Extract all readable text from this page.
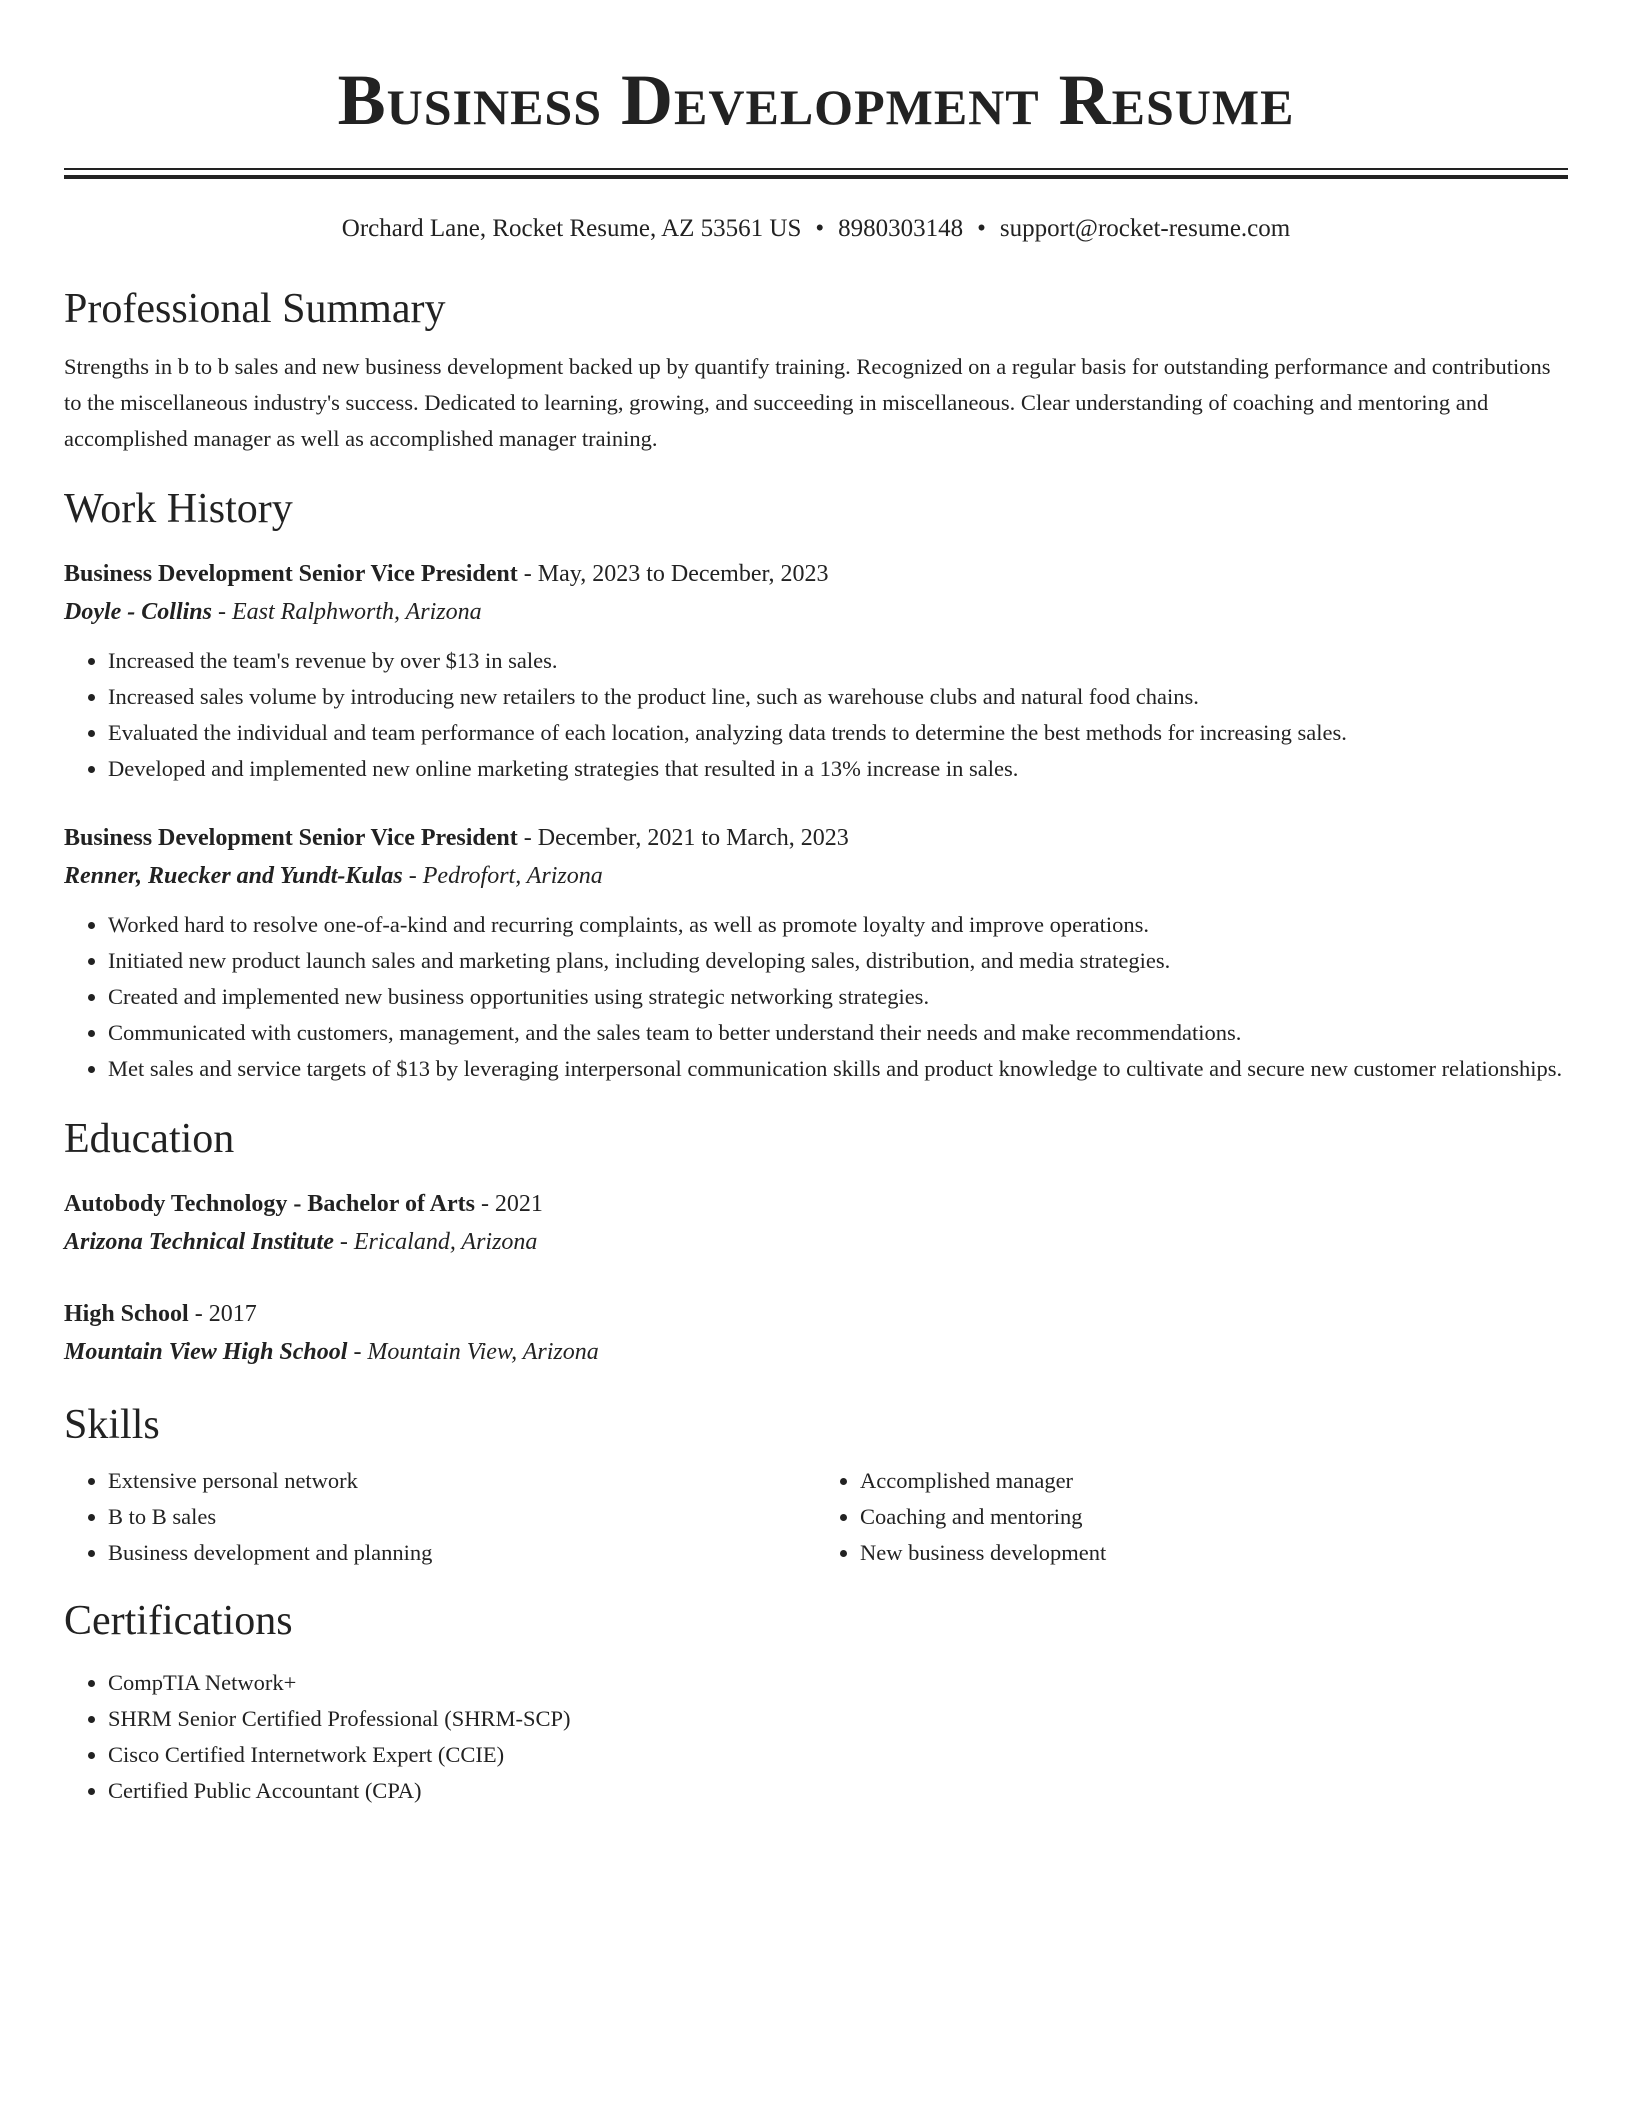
Business Development Resume
Orchard Lane, Rocket Resume, AZ 53561 US • 8980303148 • support@rocket-resume.com
Professional Summary
Strengths in b to b sales and new business development backed up by quantify training. Recognized on a regular basis for outstanding performance and contributions to the miscellaneous industry's success. Dedicated to learning, growing, and succeeding in miscellaneous. Clear understanding of coaching and mentoring and accomplished manager as well as accomplished manager training.
Work History
Business Development Senior Vice President - May, 2023 to December, 2023
Doyle - Collins - East Ralphworth, Arizona
• Increased the team's revenue by over $13 in sales.
• Increased sales volume by introducing new retailers to the product line, such as warehouse clubs and natural food chains.
• Evaluated the individual and team performance of each location, analyzing data trends to determine the best methods for increasing sales.
• Developed and implemented new online marketing strategies that resulted in a 13% increase in sales.
Business Development Senior Vice President - December, 2021 to March, 2023
Renner, Ruecker and Yundt-Kulas - Pedrofort, Arizona
• Worked hard to resolve one-of-a-kind and recurring complaints, as well as promote loyalty and improve operations.
• Initiated new product launch sales and marketing plans, including developing sales, distribution, and media strategies.
• Created and implemented new business opportunities using strategic networking strategies.
• Communicated with customers, management, and the sales team to better understand their needs and make recommendations.
• Met sales and service targets of $13 by leveraging interpersonal communication skills and product knowledge to cultivate and secure new customer relationships.
Education
Autobody Technology - Bachelor of Arts - 2021
Arizona Technical Institute - Ericaland, Arizona
High School - 2017
Mountain View High School - Mountain View, Arizona
Skills
• Extensive personal network
• B to B sales
• Business development and planning
• Accomplished manager
• Coaching and mentoring
• New business development
Certifications
• CompTIA Network+
• SHRM Senior Certified Professional (SHRM-SCP)
• Cisco Certified Internetwork Expert (CCIE)
• Certified Public Accountant (CPA)
